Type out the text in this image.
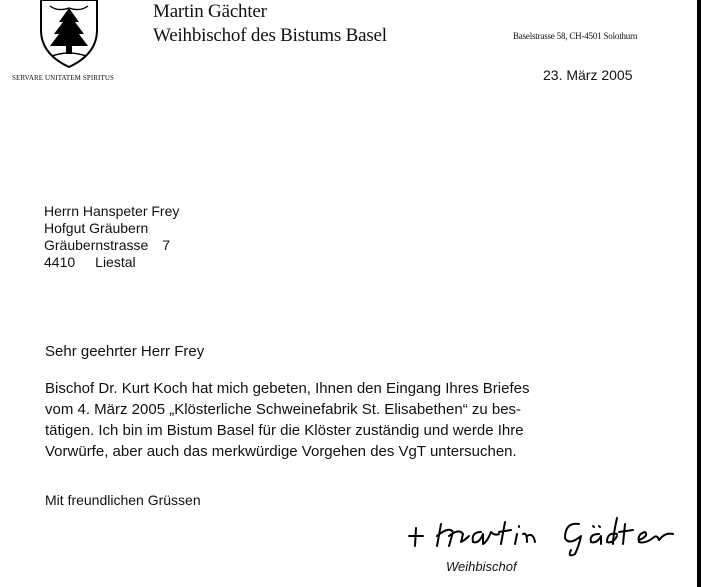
SERVARE UNITATEM SPIRITUS
Martin Gächter
Weihbischof des Bistums Basel	Baselstrasse 58, CH-4501 Solothurn
23. März 2005
Herrn Hanspeter Frey
Hofgut Gräubern
Gräubernstrasse 7
4410 Liestal
Sehr geehrter Herr Frey
Bischof Dr. Kurt Koch hat mich gebeten, Ihnen den Eingang Ihres Briefes
vom 4. März 2005 „Klösterliche Schweinefabrik St. Elisabethen“ zu bes-
tätigen. Ich bin im Bistum Basel für die Klöster zuständig und werde Ihre
Vorwürfe, aber auch das merkwürdige Vorgehen des VgT untersuchen.
Mit freundlichen Grüssen
Weihbischof
